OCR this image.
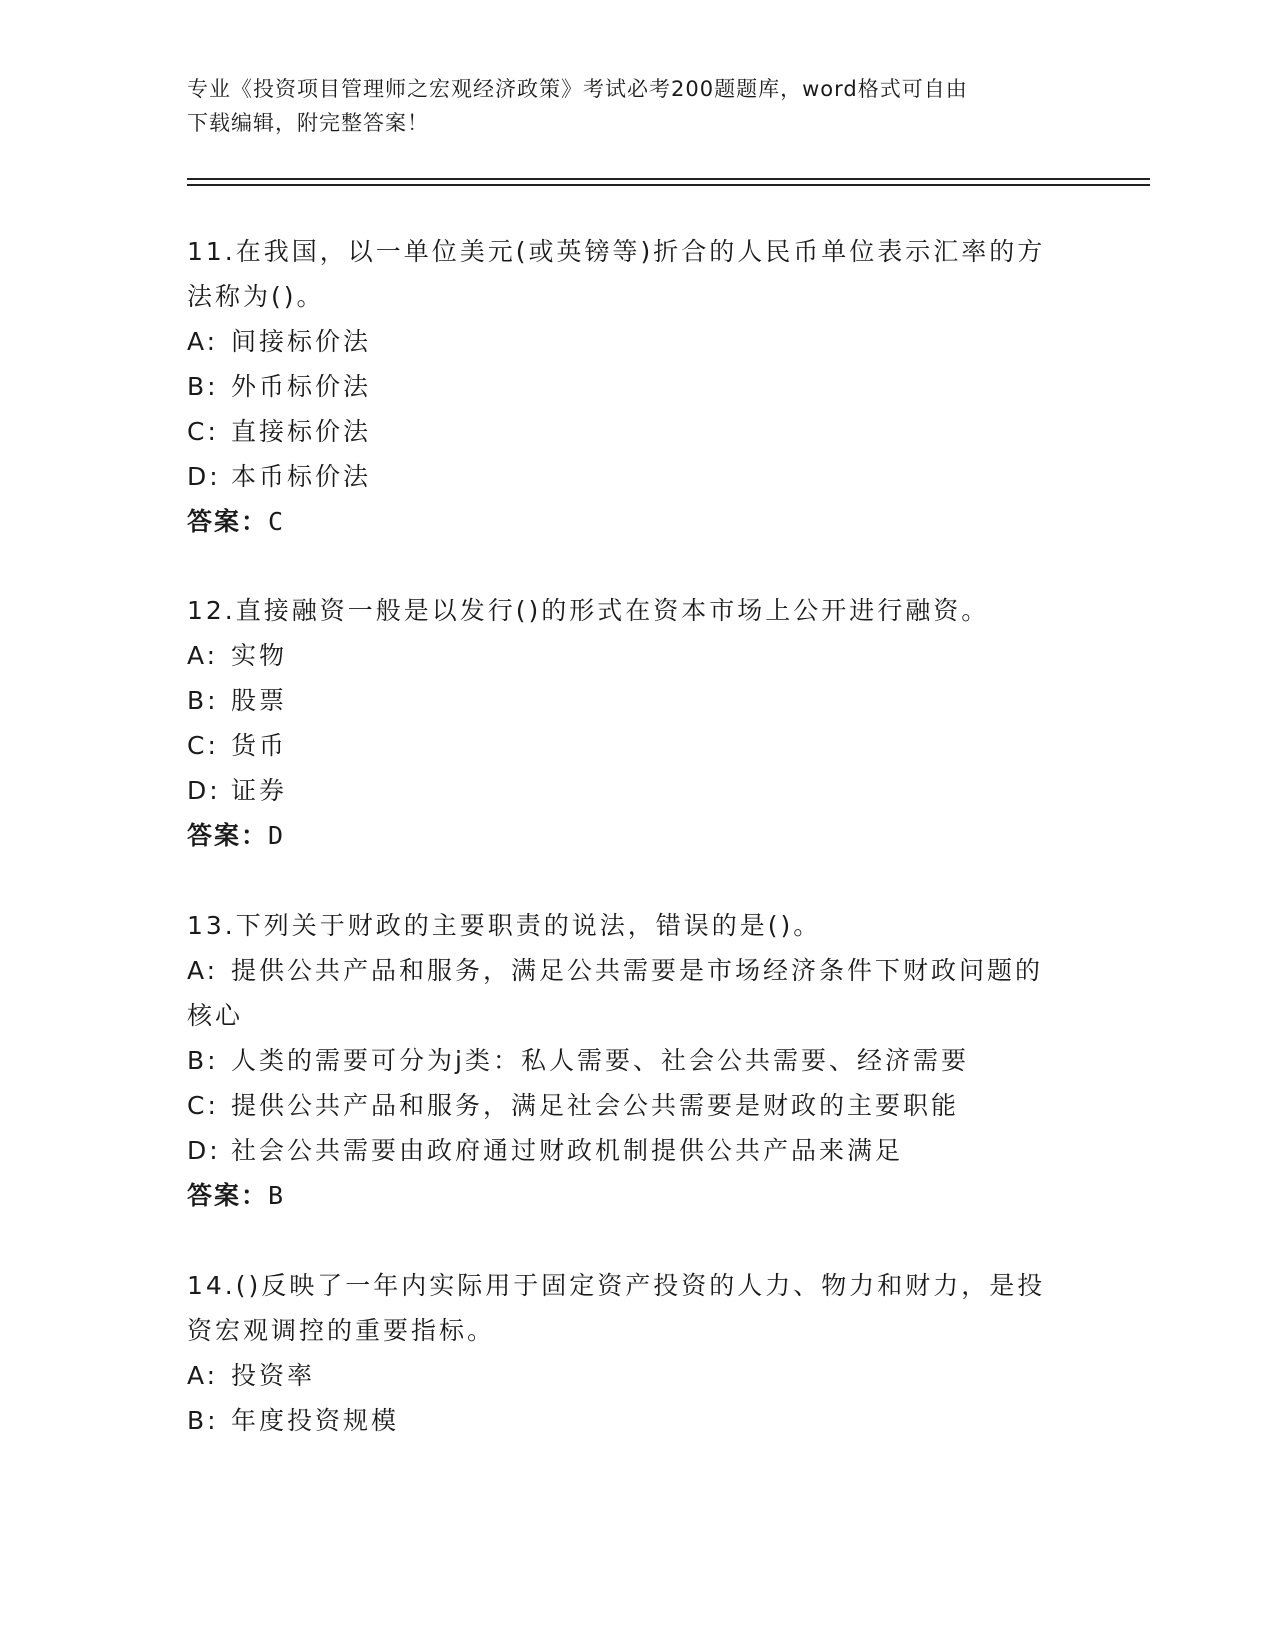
专业《投资项目管理师之宏观经济政策》考试必考200题题库，word格式可自由
下载编辑，附完整答案！
11.在我国，以一单位美元(或英镑等)折合的人民币单位表示汇率的方
法称为()。
A: 间接标价法
B: 外币标价法
C: 直接标价法
D: 本币标价法
答案：C
12.直接融资一般是以发行()的形式在资本市场上公开进行融资。
A: 实物
B: 股票
C: 货币
D: 证券
答案：D
13.下列关于财政的主要职责的说法，错误的是()。
A: 提供公共产品和服务，满足公共需要是市场经济条件下财政问题的
核心
B: 人类的需要可分为j类：私人需要、社会公共需要、经济需要
C: 提供公共产品和服务，满足社会公共需要是财政的主要职能
D: 社会公共需要由政府通过财政机制提供公共产品来满足
答案：B
14.()反映了一年内实际用于固定资产投资的人力、物力和财力，是投
资宏观调控的重要指标。
A: 投资率
B: 年度投资规模
